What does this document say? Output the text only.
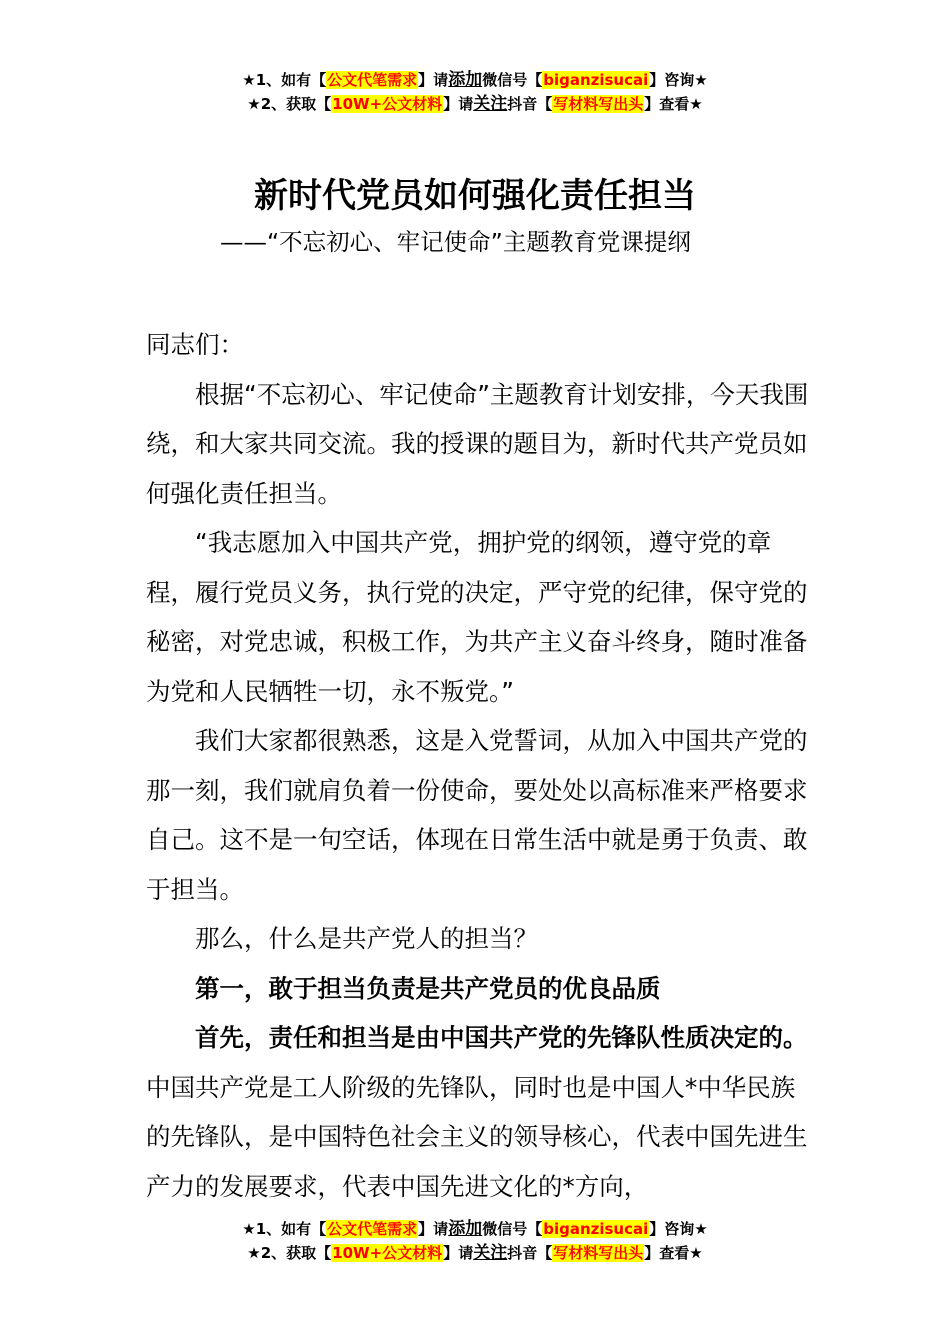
★1、如有【公文代笔需求】请添加微信号【biganzisucai】咨询★
★2、获取【10W+公文材料】请关注抖音【写材料写出头】查看★
新时代党员如何强化责任担当
——“不忘初心、牢记使命”主题教育党课提纲

同志们：

根据“不忘初心、牢记使命”主题教育计划安排，今天我围绕，和大家共同交流。我的授课的题目为，新时代共产党员如何强化责任担当。

“我志愿加入中国共产党，拥护党的纲领，遵守党的章程，履行党员义务，执行党的决定，严守党的纪律，保守党的秘密，对党忠诚，积极工作，为共产主义奋斗终身，随时准备为党和人民牺牲一切，永不叛党。”

我们大家都很熟悉，这是入党誓词，从加入中国共产党的那一刻，我们就肩负着一份使命，要处处以高标准来严格要求自己。这不是一句空话，体现在日常生活中就是勇于负责、敢于担当。

那么，什么是共产党人的担当？

第一，敢于担当负责是共产党员的优良品质

首先，责任和担当是由中国共产党的先锋队性质决定的。中国共产党是工人阶级的先锋队，同时也是中国人*中华民族的先锋队，是中国特色社会主义的领导核心，代表中国先进生产力的发展要求，代表中国先进文化的*方向，

★1、如有【公文代笔需求】请添加微信号【biganzisucai】咨询★
★2、获取【10W+公文材料】请关注抖音【写材料写出头】查看★
